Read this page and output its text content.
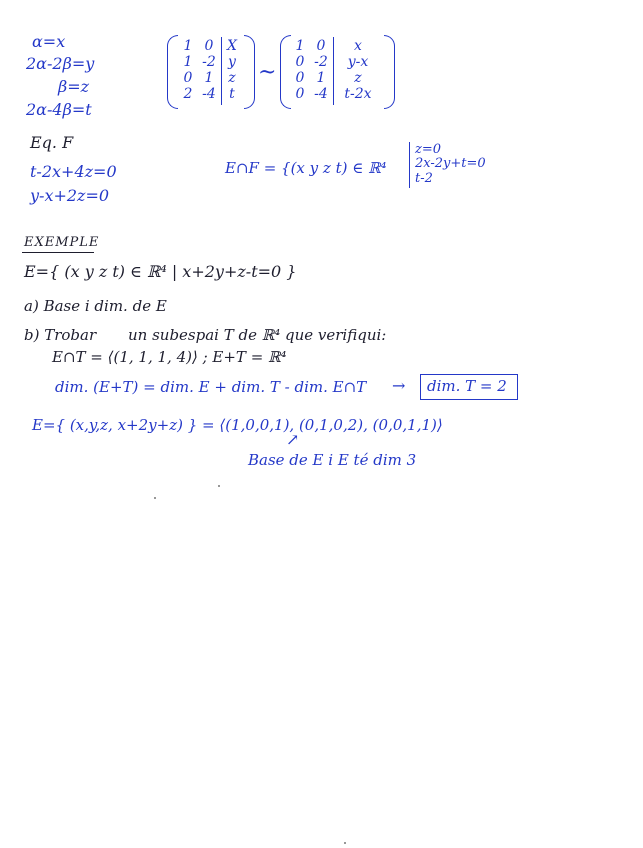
α=x
2α-2β=y
β=z
2α-4β=t
1 0 X
1 -2 y
0 1	z
2 -4 t
~
1 0	x
0 -2	y-x
0 1	z
0 -4	t-2x
Eq. F
t-2x+4z=0
y-x+2z=0
E∩F = {(x y z t) ∈ ℝ⁴
z=0
2x-2y+t=0
t-2
EXEMPLE
E={ (x y z t) ∈ ℝ⁴ | x+2y+z-t=0 }
a) Base i dim. de E
b) Trobar un subespai T de ℝ⁴ que verifiqui:
E∩T = ⟨(1, 1, 1, 4)⟩ ; E+T = ℝ⁴
dim. (E+T) = dim. E + dim. T - dim. E∩T → dim. T = 2
E={ (x,y,z, x+2y+z) } = ⟨(1,0,0,1), (0,1,0,2), (0,0,1,1)⟩
↗
Base de E i E té dim 3
